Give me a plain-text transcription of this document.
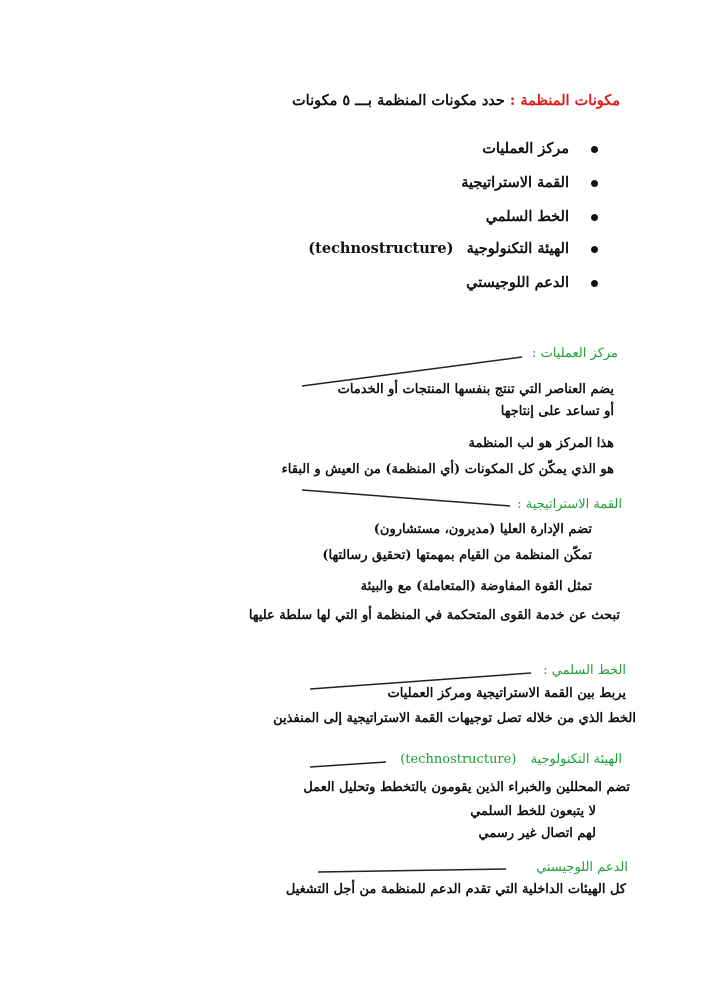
مكونات المنظمة : حدد مكونات المنظمة بـــ ٥ مكونات
مركز العمليات
القمة الاستراتيجية
الخط السلمي
الهيئة التكنولوجية (technostructure)
الدعم اللوجيستي
مركز العمليات :
يضم العناصر التي تنتج بنفسها المنتجات أو الخدمات
أو تساعد على إنتاجها
هذا المركز هو لب المنظمة
هو الذي يمكّن كل المكونات (أي المنظمة) من العيش و البقاء
القمة الاستراتيجية :
تضم الإدارة العليا (مديرون، مستشارون)
تمكّن المنظمة من القيام بمهمتها (تحقيق رسالتها)
تمثل القوة المفاوضة (المتعاملة) مع والبيئة
تبحث عن خدمة القوى المتحكمة في المنظمة أو التي لها سلطة عليها
الخط السلمي :
يربط بين القمة الاستراتيجية ومركز العمليات
الخط الذي من خلاله تصل توجيهات القمة الاستراتيجية إلى المنفذين
الهيئة التكنولوجية (technostructure)
تضم المحللين والخبراء الذين يقومون بالتخطط وتحليل العمل
لا يتبعون للخط السلمي
لهم اتصال غير رسمي
الدعم اللوجيستي
كل الهيئات الداخلية التي تقدم الدعم للمنظمة من أجل التشغيل
